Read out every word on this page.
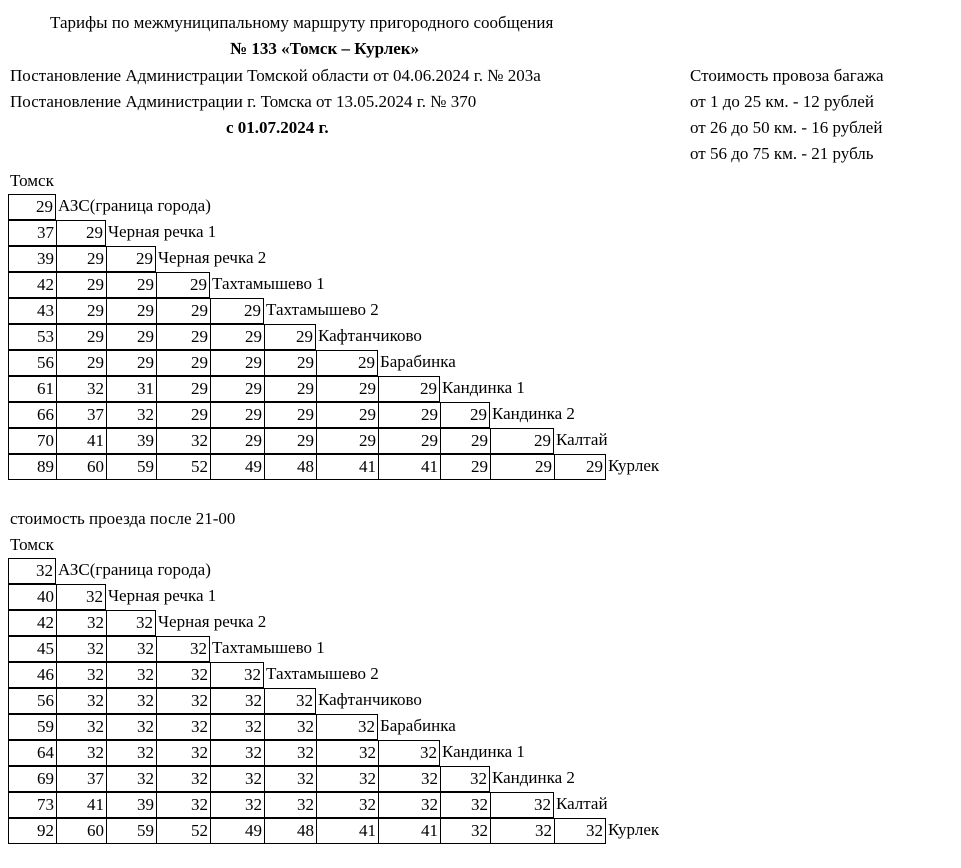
Тарифы по межмуниципальному маршруту пригородного сообщения
№ 133 «Томск – Курлек»
Постановление Администрации Томской области от 04.06.2024 г. № 203а
Постановление Администрации г. Томска от 13.05.2024 г. № 370
с 01.07.2024 г.
Стоимость провоза багажа
от 1 до 25 км. - 12 рублей
от 26 до 50 км. - 16 рублей
от 56 до 75 км. - 21 рубль
Томск
29 АЗС(граница города)
37	29 Черная речка 1
39	29	29 Черная речка 2
42	29	29	29 Тахтамышево 1
43	29	29	29	29 Тахтамышево 2
53	29	29	29	29	29 Кафтанчиково
56	29	29	29	29	29	29 Барабинка
61	32	31	29	29	29	29	29 Кандинка 1
66	37	32	29	29	29	29	29	29 Кандинка 2
70	41	39	32	29	29	29	29	29	29 Калтай
89	60	59	52	49	48	41	41	29	29	29 Курлек
стоимость проезда после 21-00
Томск
32 АЗС(граница города)
40	32 Черная речка 1
42	32	32 Черная речка 2
45	32	32	32 Тахтамышево 1
46	32	32	32	32 Тахтамышево 2
56	32	32	32	32	32 Кафтанчиково
59	32	32	32	32	32	32 Барабинка
64	32	32	32	32	32	32	32 Кандинка 1
69	37	32	32	32	32	32	32	32 Кандинка 2
73	41	39	32	32	32	32	32	32	32 Калтай
92	60	59	52	49	48	41	41	32	32	32 Курлек
